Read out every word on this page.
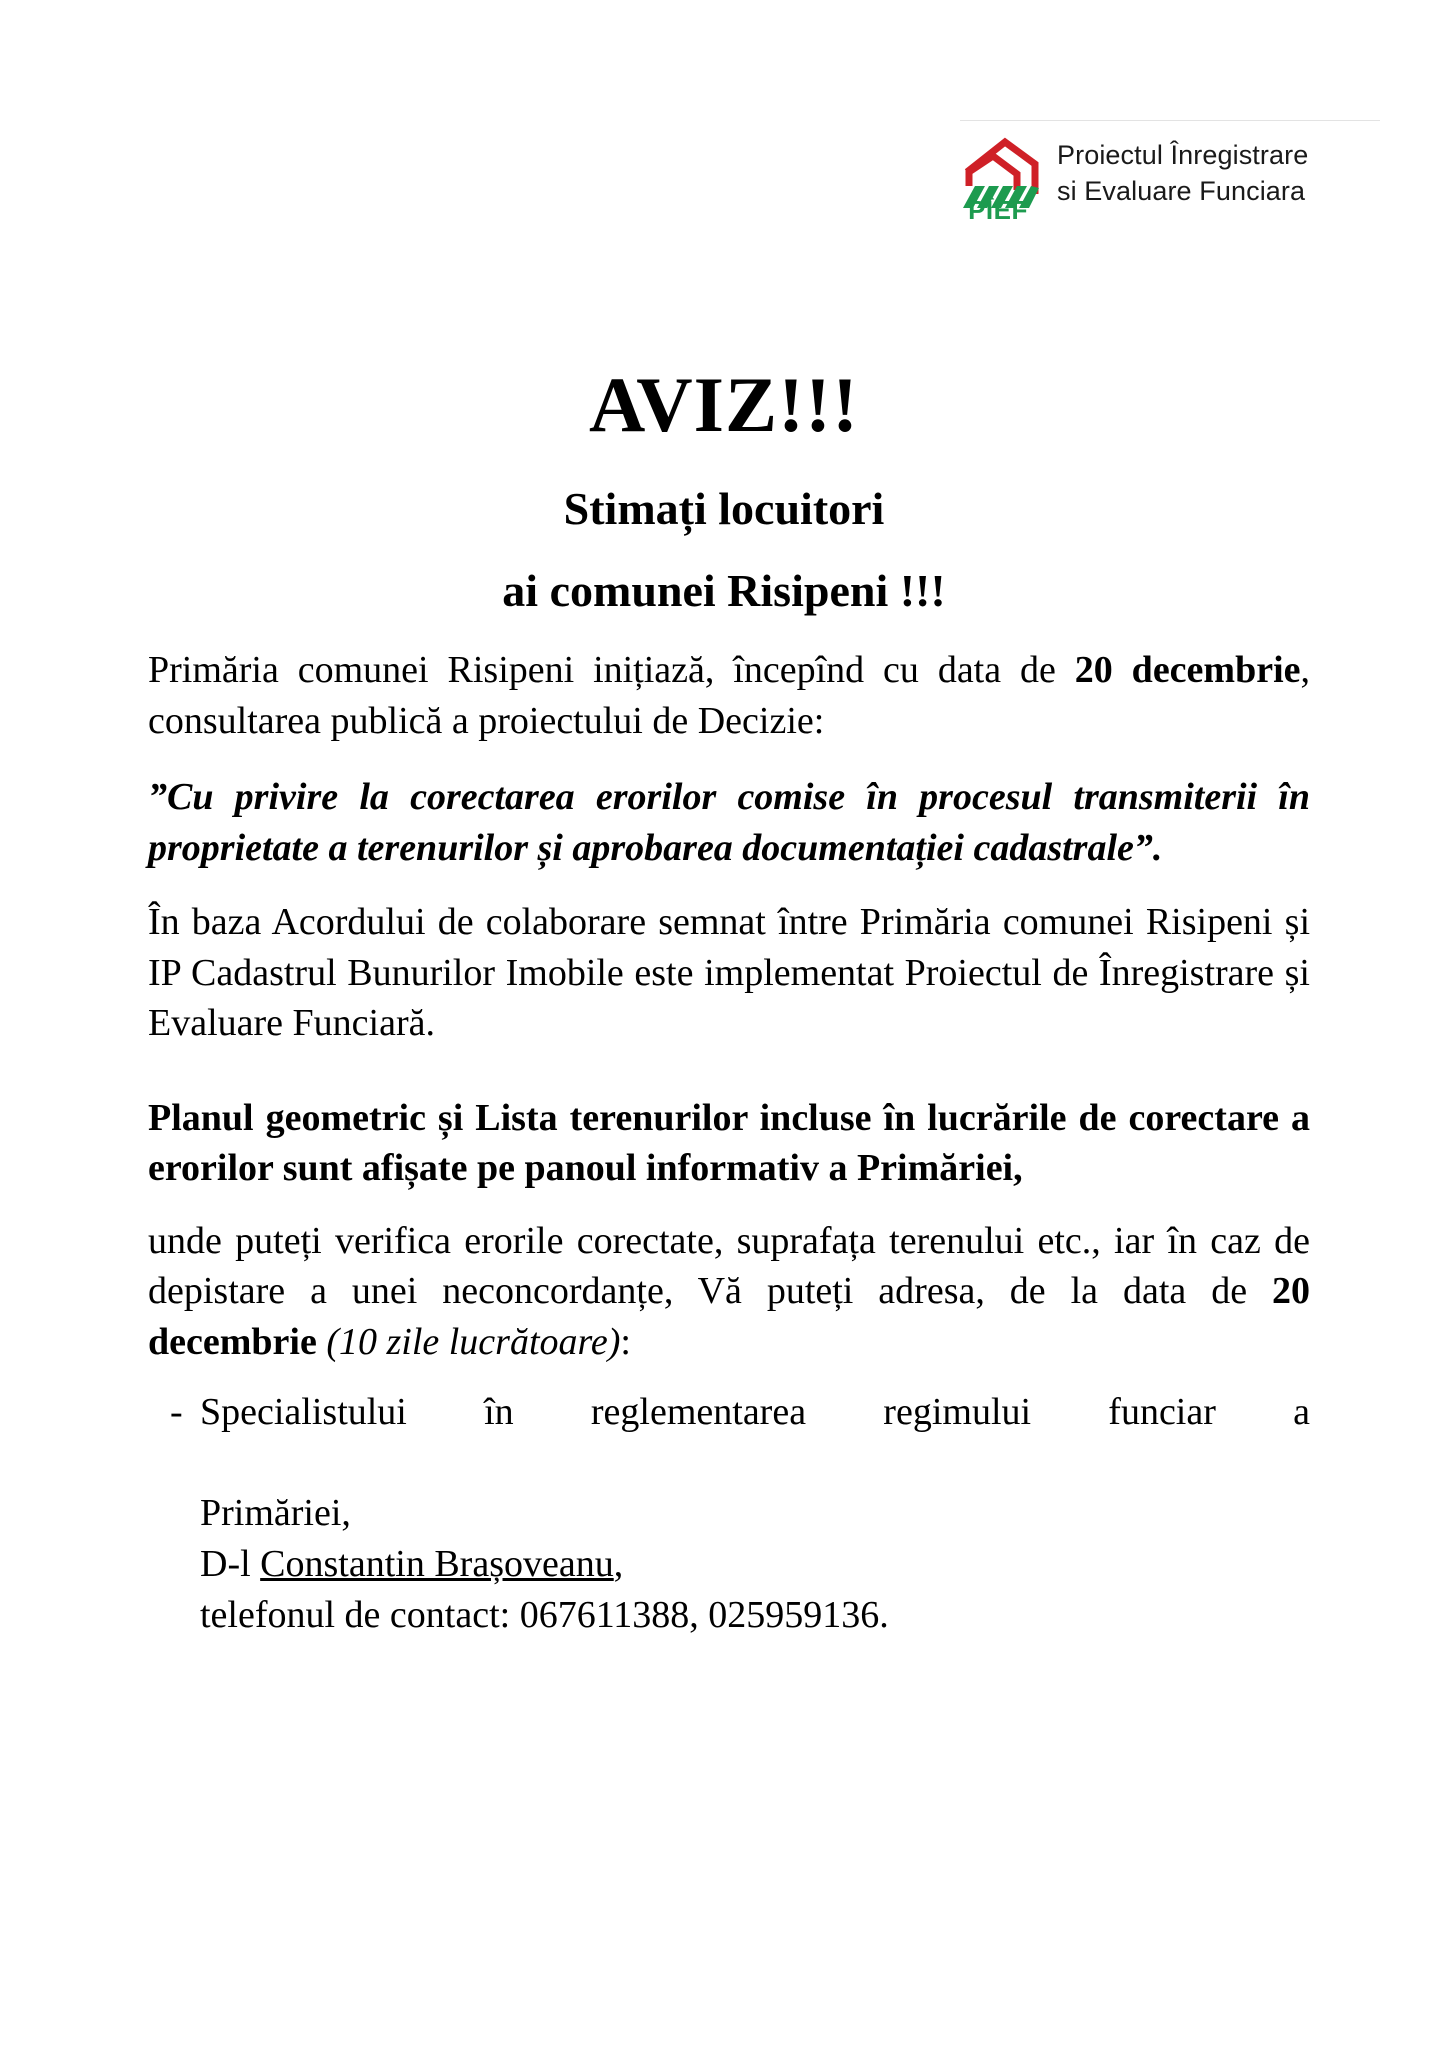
PÎEF
Proiectul Înregistrare
si Evaluare Funciara
AVIZ!!!
Stimați locuitori
ai comunei Risipeni !!!

Primăria comunei Risipeni inițiază, începînd cu data de 20 decembrie, consultarea publică a proiectului de Decizie:

”Cu privire la corectarea erorilor comise în procesul transmiterii în proprietate a terenurilor și aprobarea documentației cadastrale”.

În baza Acordului de colaborare semnat între Primăria comunei Risipeni și IP Cadastrul Bunurilor Imobile este implementat Proiectul de Înregistrare și Evaluare Funciară.

Planul geometric și Lista terenurilor incluse în lucrările de corectare a erorilor sunt afișate pe panoul informativ a Primăriei,

unde puteți verifica erorile corectate, suprafața terenului etc., iar în caz de depistare a unei neconcordanțe, Vă puteți adresa, de la data de 20 decembrie (10 zile lucrătoare):

- Specialistului în reglementarea regimului funciar a
Primăriei,
D-l Constantin Brașoveanu,
telefonul de contact: 067611388, 025959136.
